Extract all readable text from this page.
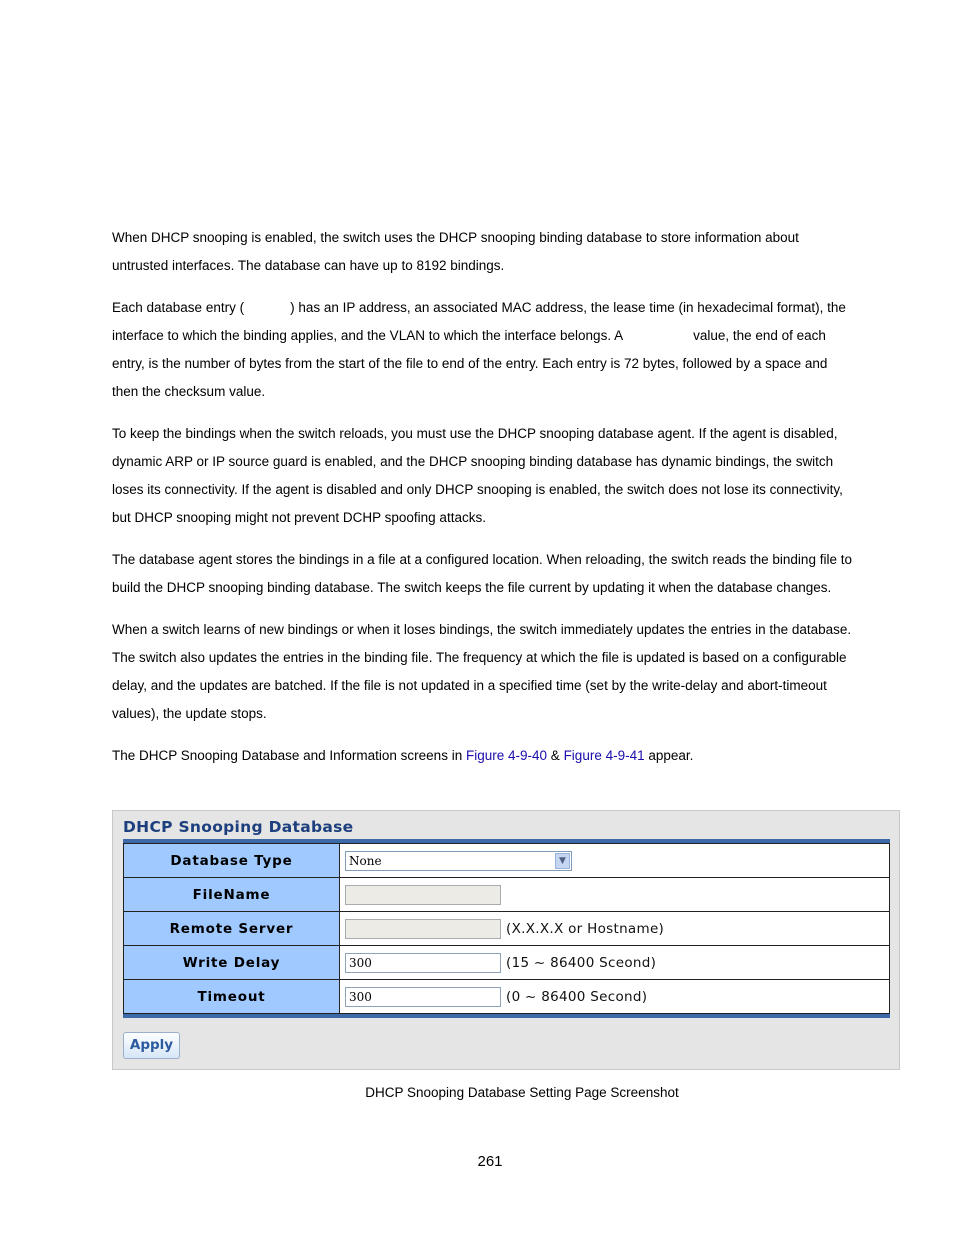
When DHCP snooping is enabled, the switch uses the DHCP snooping binding database to store information about untrusted interfaces. The database can have up to 8192 bindings.

Each database entry (	) has an IP address, an associated MAC address, the lease time (in hexadecimal format), the interface to which the binding applies, and the VLAN to which the interface belongs. A	value, the end of each entry, is the number of bytes from the start of the file to end of the entry. Each entry is 72 bytes, followed by a space and then the checksum value.

To keep the bindings when the switch reloads, you must use the DHCP snooping database agent. If the agent is disabled, dynamic ARP or IP source guard is enabled, and the DHCP snooping binding database has dynamic bindings, the switch loses its connectivity. If the agent is disabled and only DHCP snooping is enabled, the switch does not lose its connectivity, but DHCP snooping might not prevent DCHP spoofing attacks.

The database agent stores the bindings in a file at a configured location. When reloading, the switch reads the binding file to build the DHCP snooping binding database. The switch keeps the file current by updating it when the database changes.

When a switch learns of new bindings or when it loses bindings, the switch immediately updates the entries in the database. The switch also updates the entries in the binding file. The frequency at which the file is updated is based on a configurable delay, and the updates are batched. If the file is not updated in a specified time (set by the write-delay and abort-timeout values), the update stops.

The DHCP Snooping Database and Information screens in Figure 4-9-40 & Figure 4-9-41 appear.

DHCP Snooping Database
Database Type	None ▼

FileName	
Remote Server	(X.X.X.X or Hostname)
Write Delay	300 (15 ~ 86400 Sceond)
Timeout	300 (0 ~ 86400 Second)
Apply
DHCP Snooping Database Setting Page Screenshot
261
